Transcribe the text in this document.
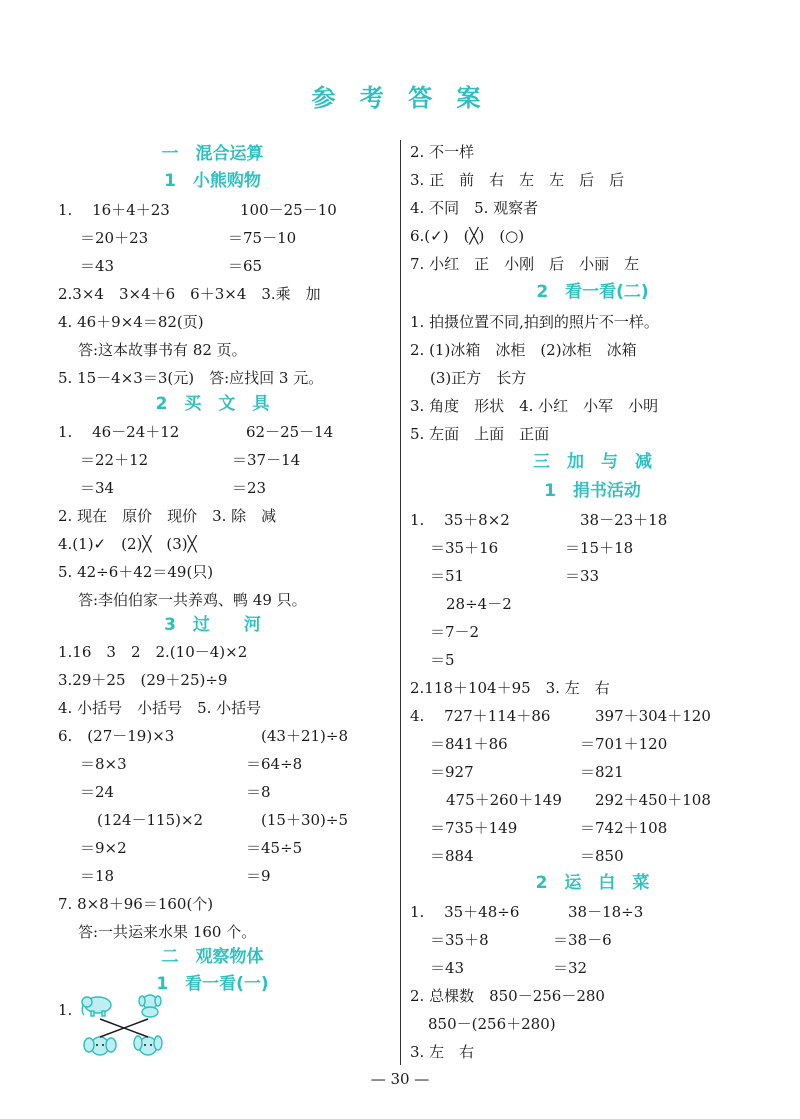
参 考 答 案
一　混合运算
1　小熊购物
1.　 16＋4＋23	100－25－10
＝20＋23	＝75－10
＝43	＝65
2.3×4　3×4＋6　6＋3×4　3.乘　加
4. 46＋9×4＝82(页)
答:这本故事书有 82 页。
5. 15－4×3＝3(元)　答:应找回 3 元。
2　买　文　具
1.　 46－24＋12	62－25－14
＝22＋12	＝37－14
＝34	＝23
2. 现在　原价　现价　3. 除　减
4.(1)✓　(2)╳　(3)╳
5. 42÷6＋42＝49(只)
答:李伯伯家一共养鸡、鸭 49 只。
3　过　　河
1.16　3　2　2.(10－4)×2
3.29＋25　(29＋25)÷9
4. 小括号　小括号　5. 小括号
6.　(27－19)×3	(43＋21)÷8
＝8×3	＝64÷8
＝24	＝8
(124－115)×2	(15＋30)÷5
＝9×2	＝45÷5
＝18	＝9
7. 8×8＋96＝160(个)
答:一共运来水果 160 个。
二　观察物体
1　看一看(一)
1.
2. 不一样
3. 正　前　右　左　左　后　后
4. 不同　5. 观察者
6.(✓)　(╳)　(○)
7. 小红　正　小刚　后　小丽　左
2　看一看(二)
1. 拍摄位置不同,拍到的照片不一样。
2. (1)冰箱　冰柜　(2)冰柜　冰箱
(3)正方　长方
3. 角度　形状　4. 小红　小军　小明
5. 左面　上面　正面
三　加　与　减
1　捐书活动
1.　 35＋8×2	38－23＋18
＝35＋16	＝15＋18
＝51	＝33
28÷4－2
＝7－2
＝5
2.118＋104＋95　3. 左　右
4.　 727＋114＋86	397＋304＋120
＝841＋86	＝701＋120
＝927	＝821
475＋260＋149 292＋450＋108
＝735＋149	＝742＋108
＝884	＝850
2　运　白　菜
1.　 35＋48÷6	38－18÷3
＝35＋8	＝38－6
＝43	＝32
2. 总棵数　850－256－280
850－(256＋280)
3. 左　右
— 30 —
